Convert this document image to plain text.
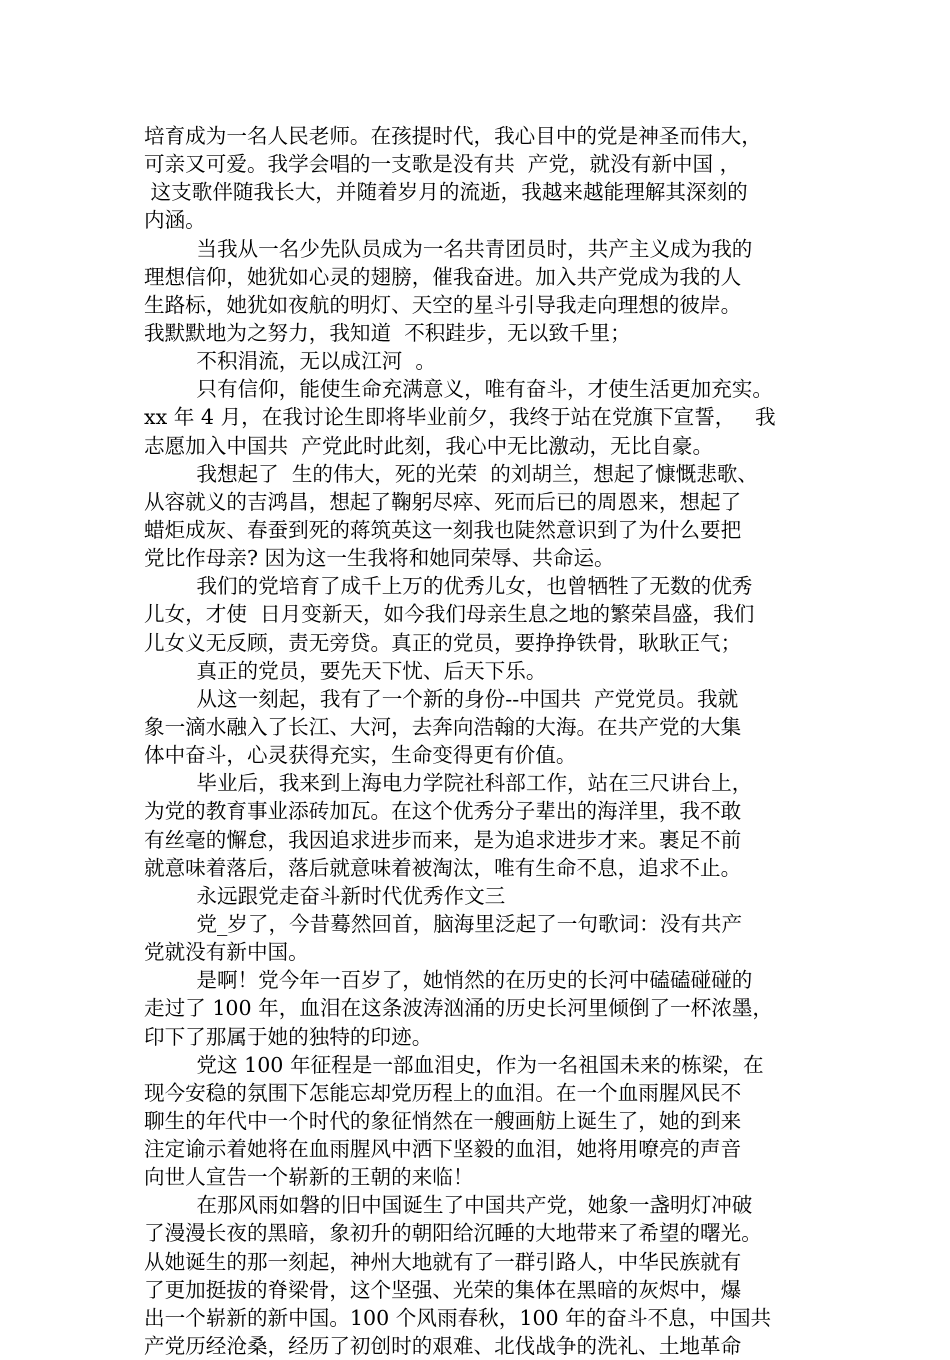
培育成为一名人民老师。在孩提时代，我心目中的党是神圣而伟大，
可亲又可爱。我学会唱的一支歌是没有共  产党，就没有新中国 ，
这支歌伴随我长大，并随着岁月的流逝，我越来越能理解其深刻的
内涵。
当我从一名少先队员成为一名共青团员时，共产主义成为我的
理想信仰，她犹如心灵的翅膀，催我奋进。加入共产党成为我的人
生路标，她犹如夜航的明灯、天空的星斗引导我走向理想的彼岸。
我默默地为之努力，我知道  不积跬步，无以致千里；
不积涓流，无以成江河  。
只有信仰，能使生命充满意义，唯有奋斗，才使生活更加充实。
xx 年 4 月，在我讨论生即将毕业前夕，我终于站在党旗下宣誓，   我
志愿加入中国共  产党此时此刻，我心中无比激动，无比自豪。
我想起了  生的伟大，死的光荣  的刘胡兰，想起了慷慨悲歌、
从容就义的吉鸿昌，想起了鞠躬尽瘁、死而后已的周恩来，想起了
蜡炬成灰、春蚕到死的蒋筑英这一刻我也陡然意识到了为什么要把
党比作母亲? 因为这一生我将和她同荣辱、共命运。
我们的党培育了成千上万的优秀儿女，也曾牺牲了无数的优秀
儿女，才使  日月变新天，如今我们母亲生息之地的繁荣昌盛，我们
儿女义无反顾，责无旁贷。真正的党员，要挣挣铁骨，耿耿正气；
真正的党员，要先天下忧、后天下乐。
从这一刻起，我有了一个新的身份--中国共  产党党员。我就
象一滴水融入了长江、大河，去奔向浩翰的大海。在共产党的大集
体中奋斗，心灵获得充实，生命变得更有价值。
毕业后，我来到上海电力学院社科部工作，站在三尺讲台上，
为党的教育事业添砖加瓦。在这个优秀分子辈出的海洋里，我不敢
有丝毫的懈怠，我因追求进步而来，是为追求进步才来。裹足不前
就意味着落后，落后就意味着被淘汰，唯有生命不息，追求不止。
永远跟党走奋斗新时代优秀作文三
党_岁了，今昔蓦然回首，脑海里泛起了一句歌词：没有共产
党就没有新中国。
是啊！党今年一百岁了，她悄然的在历史的长河中磕磕碰碰的
走过了 100 年，血泪在这条波涛汹涌的历史长河里倾倒了一杯浓墨，
印下了那属于她的独特的印迹。
党这 100 年征程是一部血泪史，作为一名祖国未来的栋梁，在
现今安稳的氛围下怎能忘却党历程上的血泪。在一个血雨腥风民不
聊生的年代中一个时代的象征悄然在一艘画舫上诞生了，她的到来
注定谕示着她将在血雨腥风中洒下坚毅的血泪，她将用嘹亮的声音
向世人宣告一个崭新的王朝的来临！
在那风雨如磐的旧中国诞生了中国共产党，她象一盏明灯冲破
了漫漫长夜的黑暗，象初升的朝阳给沉睡的大地带来了希望的曙光。
从她诞生的那一刻起，神州大地就有了一群引路人，中华民族就有
了更加挺拔的脊梁骨，这个坚强、光荣的集体在黑暗的灰烬中，爆
出一个崭新的新中国。100 个风雨春秋，100 年的奋斗不息，中国共
产党历经沧桑，经历了初创时的艰难、北伐战争的洗礼、土地革命
